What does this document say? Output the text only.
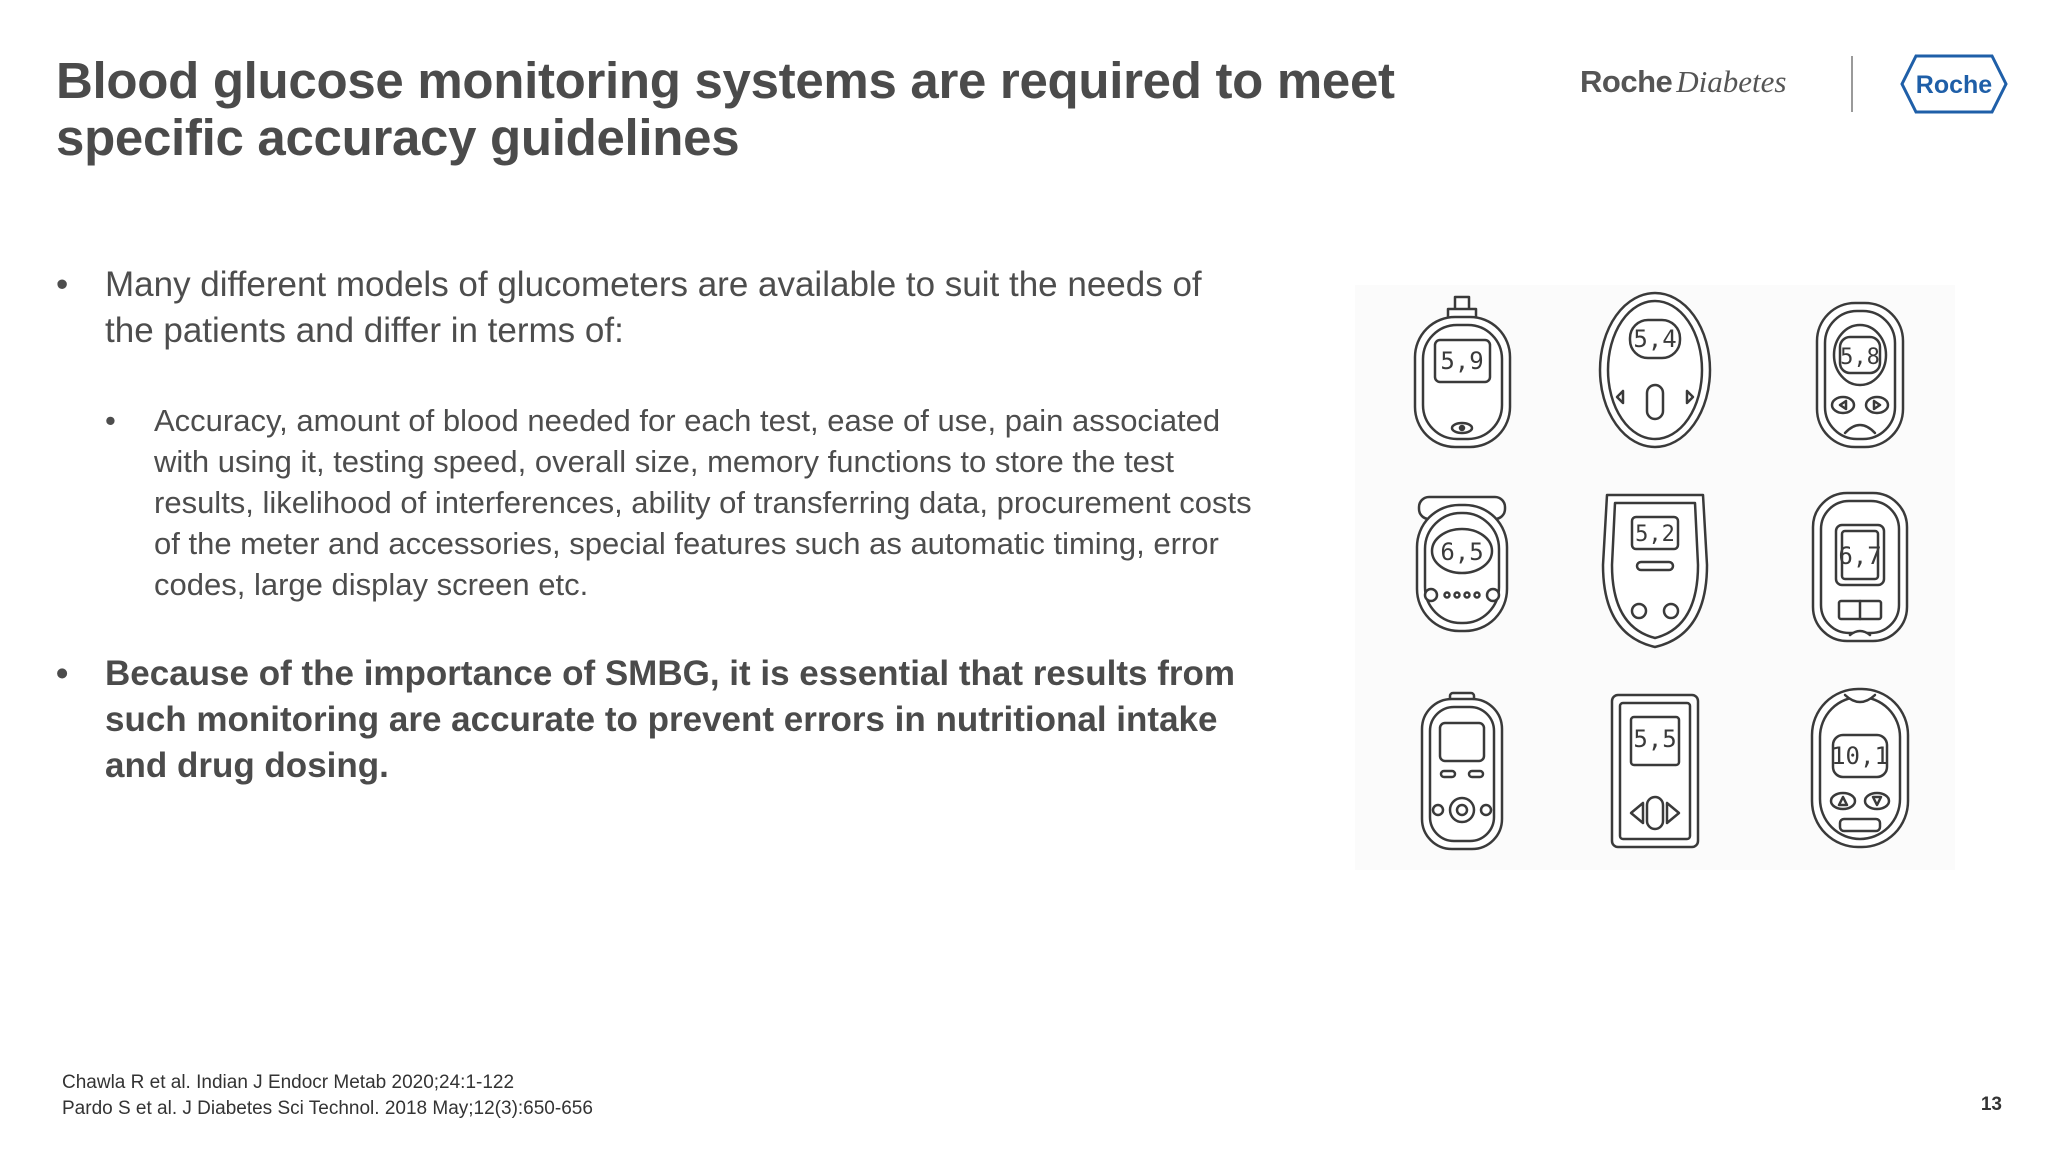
Blood glucose monitoring systems are required to meet specific accuracy guidelines
Roche Diabetes	Roche
• Many different models of glucometers are available to suit the needs of the patients and differ in terms of:
• Accuracy, amount of blood needed for each test, ease of use, pain associated with using it, testing speed, overall size, memory functions to store the test results, likelihood of interferences, ability of transferring data, procurement costs of the meter and accessories, special features such as automatic timing, error codes, large display screen etc.
• Because of the importance of SMBG, it is essential that results from such monitoring are accurate to prevent errors in nutritional intake and drug dosing.
5,9
5,4
5,8
6,5
5,2
6,7
5,5
10,1
Chawla R et al. Indian J Endocr Metab 2020;24:1-122
Pardo S et al. J Diabetes Sci Technol. 2018 May;12(3):650-656	13
